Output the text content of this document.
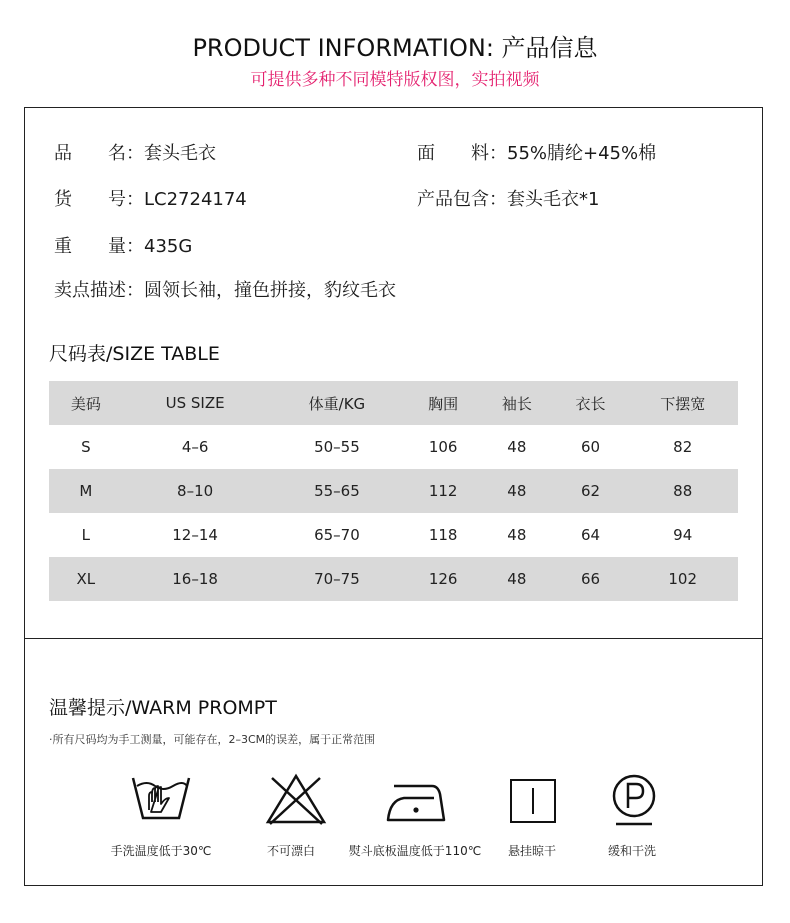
PRODUCT INFORMATION: 产品信息
可提供多种不同模特版权图，实拍视频
品　　名：套头毛衣	面　　料：55%腈纶+45%棉
货　　号：LC2724174	产品包含：套头毛衣*1
重　　量：435G
卖点描述：圆领长袖，撞色拼接，豹纹毛衣
尺码表/SIZE TABLE
美码	US SIZE	体重/KG	胸围	袖长	衣长	下摆宽
S	4–6	50–55	106	48	60	82
M	8–10	55–65	112	48	62	88
L	12–14	65–70	118	48	64	94
XL	16–18	70–75	126	48	66	102
温馨提示/WARM PROMPT
·所有尺码均为手工测量，可能存在，2–3CM的误差，属于正常范围
手洗温度低于30℃	不可漂白	熨斗底板温度低于110℃ 悬挂晾干	缓和干洗
